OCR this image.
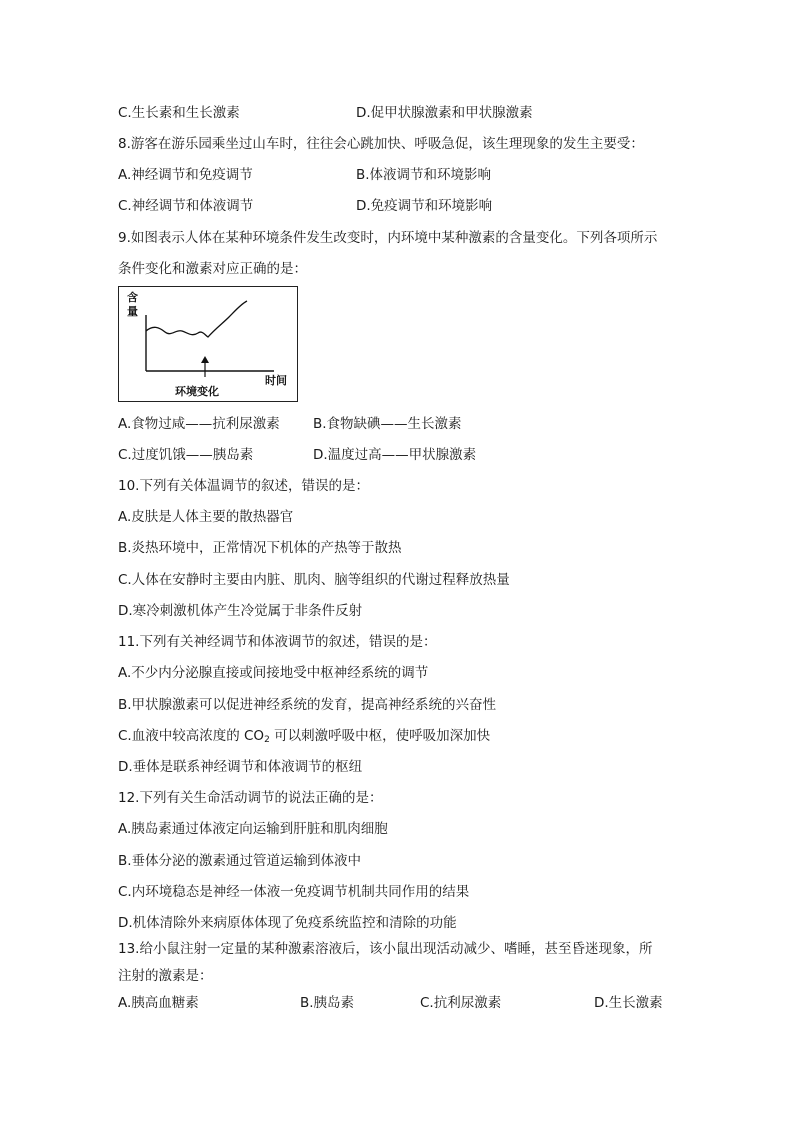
C.生长素和生长激素	D.促甲状腺激素和甲状腺激素
8.游客在游乐园乘坐过山车时，往往会心跳加快、呼吸急促，该生理现象的发生主要受：
A.神经调节和免疫调节	B.体液调节和环境影响
C.神经调节和体液调节	D.免疫调节和环境影响
9.如图表示人体在某种环境条件发生改变时，内环境中某种激素的含量变化。下列各项所示
条件变化和激素对应正确的是：
含
量
时间
环境变化
A.食物过咸——抗利尿激素 B.食物缺碘——生长激素
C.过度饥饿——胰岛素	D.温度过高——甲状腺激素
10.下列有关体温调节的叙述，错误的是：
A.皮肤是人体主要的散热器官
B.炎热环境中，正常情况下机体的产热等于散热
C.人体在安静时主要由内脏、肌肉、脑等组织的代谢过程释放热量
D.寒冷刺激机体产生冷觉属于非条件反射
11.下列有关神经调节和体液调节的叙述，错误的是：
A.不少内分泌腺直接或间接地受中枢神经系统的调节
B.甲状腺激素可以促进神经系统的发育，提高神经系统的兴奋性
C.血液中较高浓度的 $CO_2$ 可以刺激呼吸中枢，使呼吸加深加快
D.垂体是联系神经调节和体液调节的枢纽
12.下列有关生命活动调节的说法正确的是：
A.胰岛素通过体液定向运输到肝脏和肌肉细胞
B.垂体分泌的激素通过管道运输到体液中
C.内环境稳态是神经一体液一免疫调节机制共同作用的结果
D.机体清除外来病原体体现了免疫系统监控和清除的功能
13.给小鼠注射一定量的某种激素溶液后，该小鼠出现活动减少、嗜睡，甚至昏迷现象，所
注射的激素是：
A.胰高血糖素	B.胰岛素	C.抗利尿激素	D.生长激素
